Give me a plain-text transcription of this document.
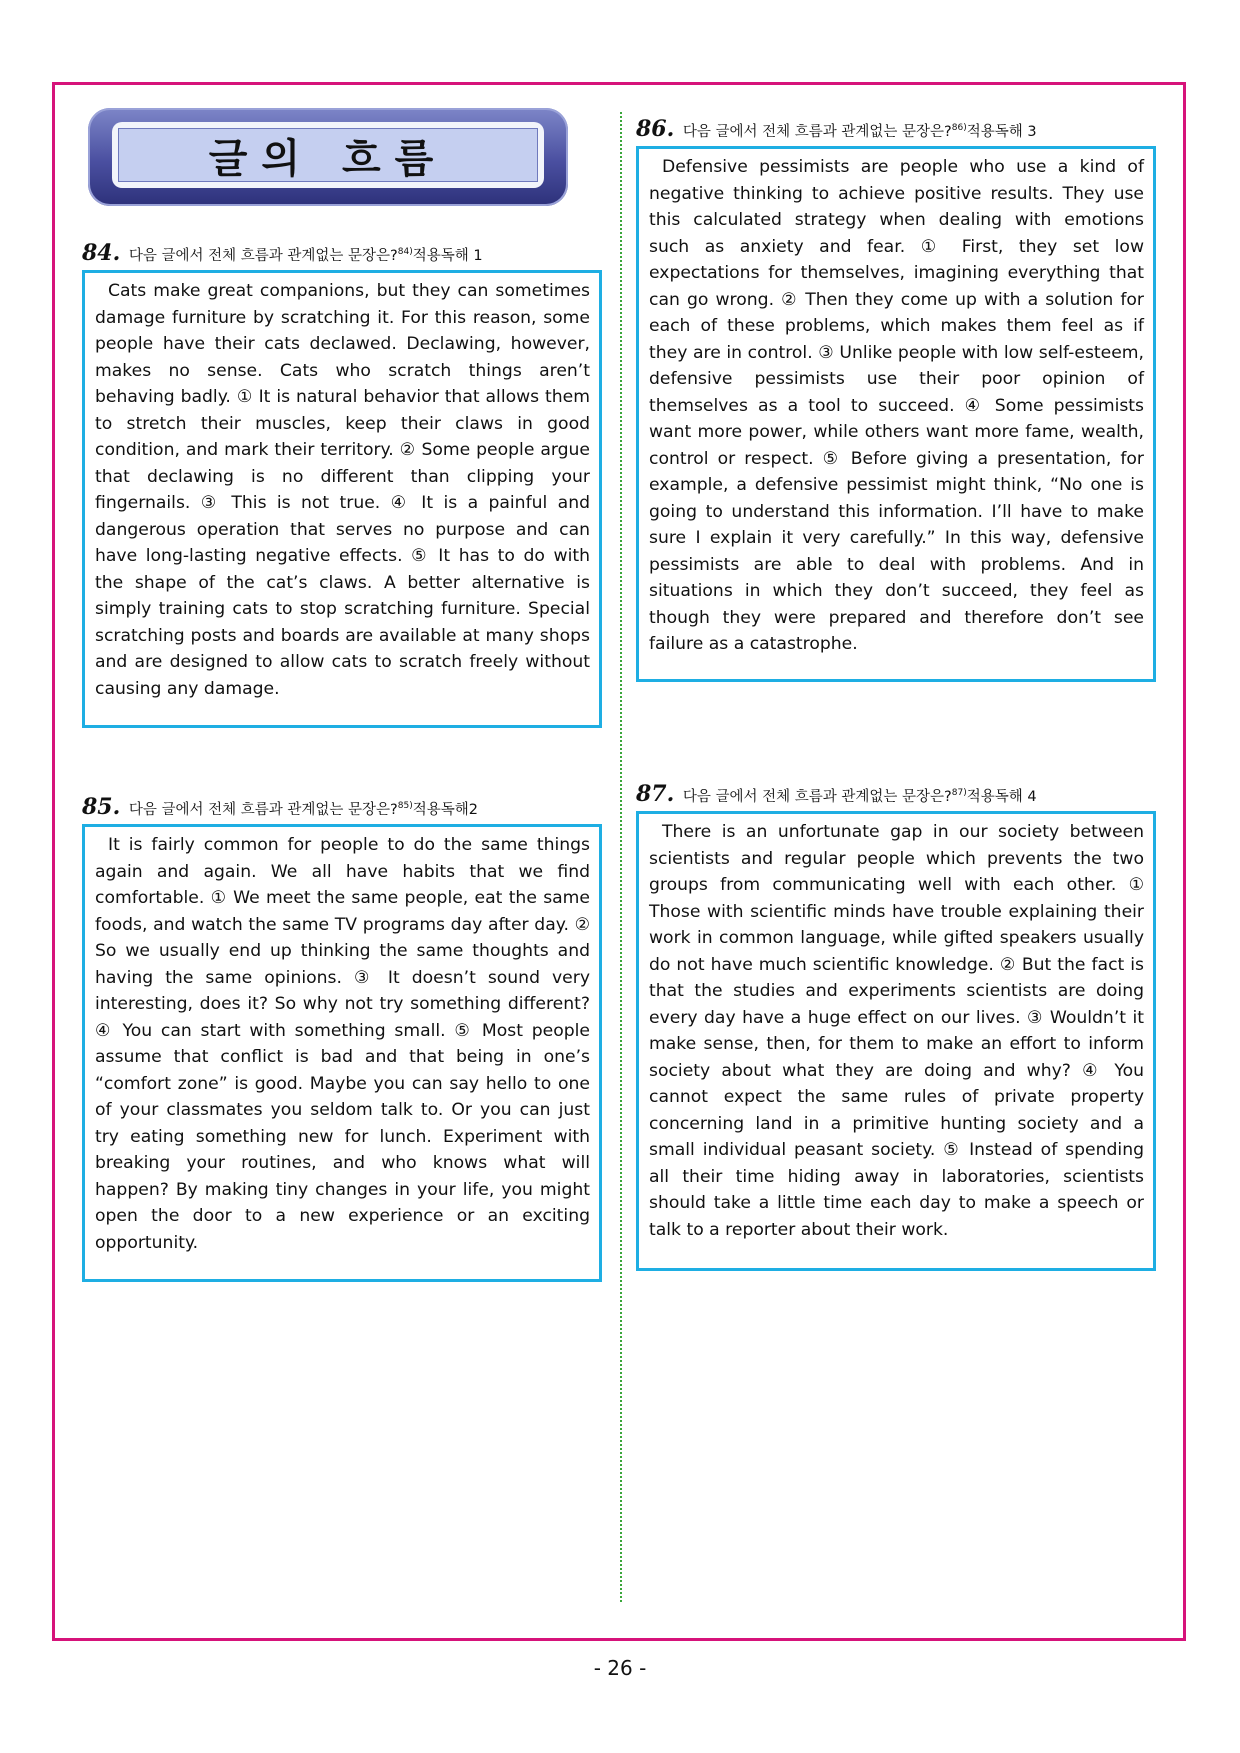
글의 흐름
84. 다음 글에서 전체 흐름과 관계없는 문장은?$^{84)}$적용독해 1

Cats make great companions, but they can sometimes damage furniture by scratching it. For this reason, some people have their cats declawed. Declawing, however, makes no sense. Cats who scratch things aren’t behaving badly. ① It is natural behavior that allows them to stretch their muscles, keep their claws in good condition, and mark their territory. ② Some people argue that declawing is no different than clipping your fingernails. ③ This is not true. ④ It is a painful and dangerous operation that serves no purpose and can have long-lasting negative effects. ⑤ It has to do with the shape of the cat’s claws. A better alternative is simply training cats to stop scratching furniture. Special scratching posts and boards are available at many shops and are designed to allow cats to scratch freely without causing any damage.

85. 다음 글에서 전체 흐름과 관계없는 문장은?$^{85)}$적용독해2

It is fairly common for people to do the same things again and again. We all have habits that we find comfortable. ① We meet the same people, eat the same foods, and watch the same TV programs day after day. ② So we usually end up thinking the same thoughts and having the same opinions. ③ It doesn’t sound very interesting, does it? So why not try something different? ④ You can start with something small. ⑤ Most people assume that conflict is bad and that being in one’s “comfort zone” is good. Maybe you can say hello to one of your classmates you seldom talk to. Or you can just try eating something new for lunch. Experiment with breaking your routines, and who knows what will happen? By making tiny changes in your life, you might open the door to a new experience or an exciting opportunity.

86. 다음 글에서 전체 흐름과 관계없는 문장은?$^{86)}$적용독해 3

Defensive pessimists are people who use a kind of negative thinking to achieve positive results. They use this calculated strategy when dealing with emotions such as anxiety and fear. ① First, they set low expectations for themselves, imagining everything that can go wrong. ② Then they come up with a solution for each of these problems, which makes them feel as if they are in control. ③ Unlike people with low self-esteem, defensive pessimists use their poor opinion of themselves as a tool to succeed. ④ Some pessimists want more power, while others want more fame, wealth, control or respect. ⑤ Before giving a presentation, for example, a defensive pessimist might think, “No one is going to understand this information. I’ll have to make sure I explain it very carefully.” In this way, defensive pessimists are able to deal with problems. And in situations in which they don’t succeed, they feel as though they were prepared and therefore don’t see failure as a catastrophe.

87. 다음 글에서 전체 흐름과 관계없는 문장은?$^{87)}$적용독해 4

There is an unfortunate gap in our society between scientists and regular people which prevents the two groups from communicating well with each other. ① Those with scientific minds have trouble explaining their work in common language, while gifted speakers usually do not have much scientific knowledge. ② But the fact is that the studies and experiments scientists are doing every day have a huge effect on our lives. ③ Wouldn’t it make sense, then, for them to make an effort to inform society about what they are doing and why? ④ You cannot expect the same rules of private property concerning land in a primitive hunting society and a small individual peasant society. ⑤ Instead of spending all their time hiding away in laboratories, scientists should take a little time each day to make a speech or talk to a reporter about their work.

- 26 -
